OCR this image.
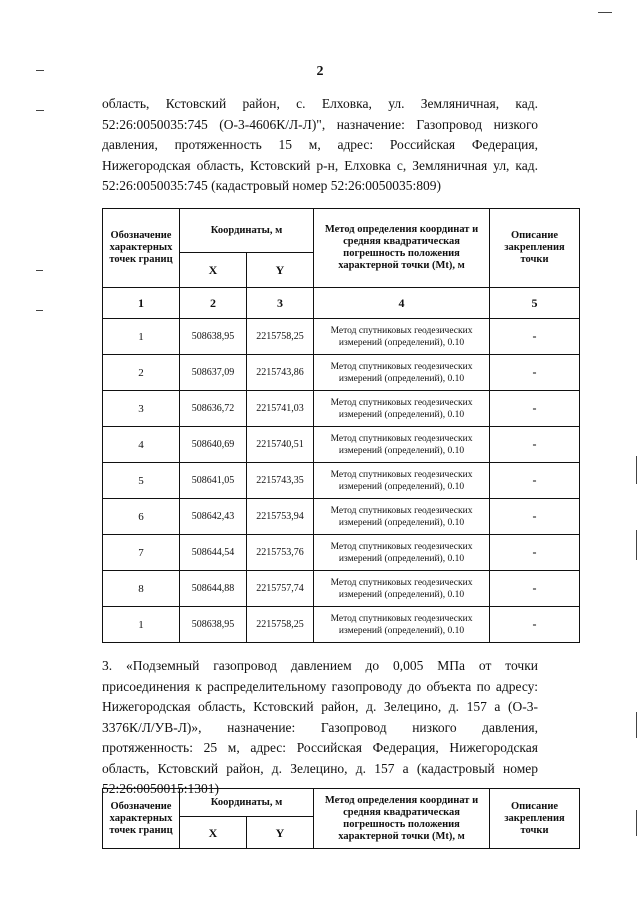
2
область, Кстовский район, с. Елховка, ул. Земляничная, кад. 52:26:0050035:745 (О-3-4606К/Л-Л)", назначение: Газопровод низкого давления, протяженность 15 м, адрес: Российская Федерация, Нижегородская область, Кстовский р-н, Елховка с, Земляничная ул, кад. 52:26:0050035:745 (кадастровый номер 52:26:0050035:809)
Обозначение характерных точек границ	Координаты, м		Метод определения координат и средняя квадратическая погрешность положения характерной точки (Mt), м	Описание закрепления точки
	X	Y		
1	2	3	4	5
1	508638,95	2215758,25	Метод спутниковых геодезических измерений (определений), 0.10	-
2	508637,09	2215743,86	Метод спутниковых геодезических измерений (определений), 0.10	-
3	508636,72	2215741,03	Метод спутниковых геодезических измерений (определений), 0.10	-
4	508640,69	2215740,51	Метод спутниковых геодезических измерений (определений), 0.10	-
5	508641,05	2215743,35	Метод спутниковых геодезических измерений (определений), 0.10	-
6	508642,43	2215753,94	Метод спутниковых геодезических измерений (определений), 0.10	-
7	508644,54	2215753,76	Метод спутниковых геодезических измерений (определений), 0.10	-
8	508644,88	2215757,74	Метод спутниковых геодезических измерений (определений), 0.10	-
1	508638,95	2215758,25	Метод спутниковых геодезических измерений (определений), 0.10	-
3. «Подземный газопровод давлением до 0,005 МПа от точки присоединения к распределительному газопроводу до объекта по адресу: Нижегородская область, Кстовский район, д. Зелецино, д. 157 а (О-3-3376К/Л/УВ-Л)», назначение: Газопровод низкого давления, протяженность: 25 м, адрес: Российская Федерация, Нижегородская область, Кстовский район, д. Зелецино, д. 157 а (кадастровый номер 52:26:0050015:1301)
Обозначение характерных точек границ	Координаты, м		Метод определения координат и средняя квадратическая погрешность положения характерной точки (Mt), м	Описание закрепления точки
	X	Y		
